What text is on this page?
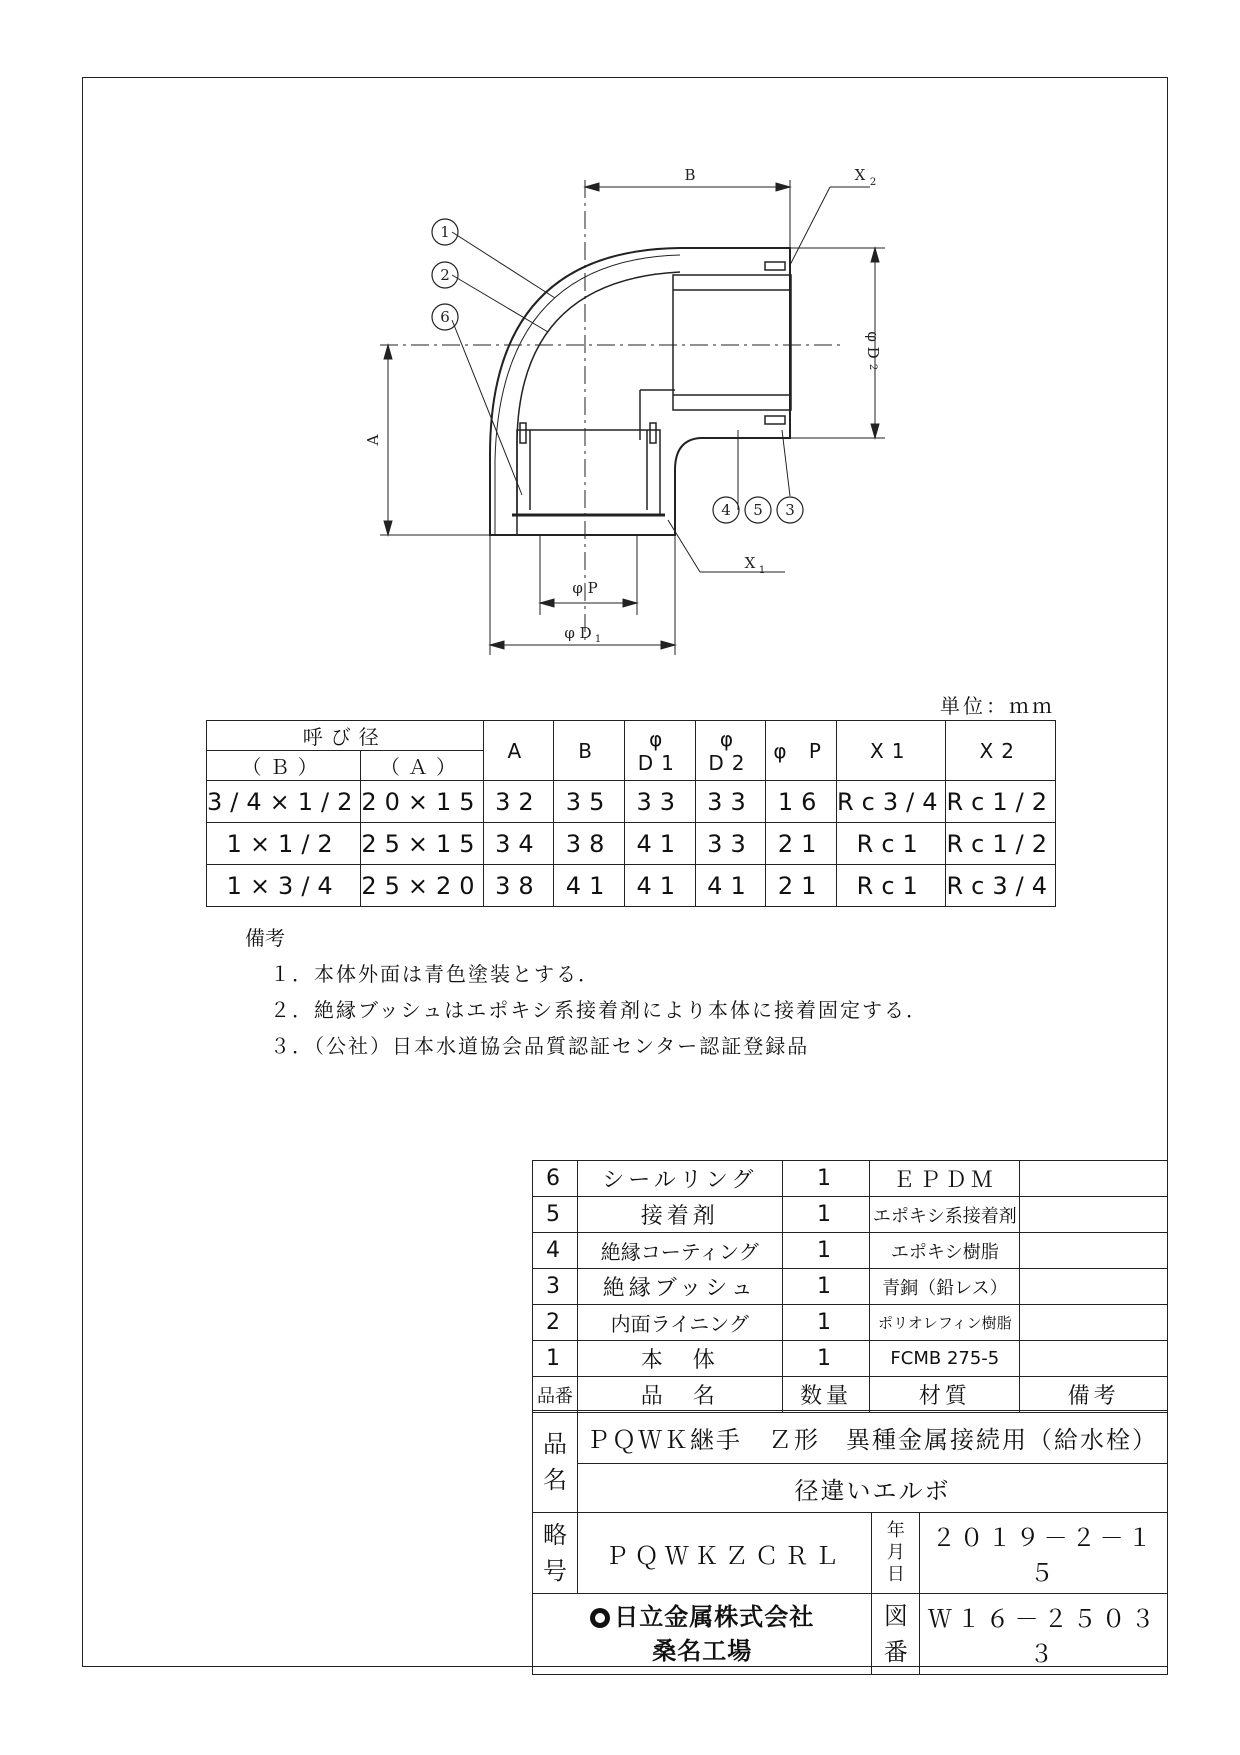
1
2
6
4 5 3
B
A
X 2
X 1
φ P
φ D 1
φ D
2
単位：ｍｍ
呼び径		A	B	φ D1	φ D2	φ P	X1	X2
（Ｂ）	（Ａ）							
3/4×1/2	20×15	32	35	33	33	16	Rc3/4	Rc1/2
1×1/2	25×15	34	38	41	33	21	Rc1	Rc1/2
1×3/4	25×20	38	41	41	41	21	Rc1	Rc3/4
備考
１．本体外面は青色塗装とする．
２．絶縁ブッシュはエポキシ系接着剤により本体に接着固定する．
３．（公社）日本水道協会品質認証センター認証登録品
6	シールリング	1	ＥＰＤＭ	
5	接着剤	1	エポキシ系接着剤	
4	絶縁コーティング	1	エポキシ樹脂	
3	絶縁ブッシュ	1	青銅（鉛レス）	
2	内面ライニング	1	ポリオレフィン樹脂	
1	本　体	1	FCMB 275-5	
品番	品　名	数量	材質	備考
品名	ＰＱＷＫ継手　Ｚ形　異種金属接続用（給水栓）		
	径違いエルボ		
略号	ＰＱＷＫＺＣＲＬ	年月日	２０１９－２－１５

日立金属株式会社
桑名工場		図番	Ｗ１６－２５０３３
